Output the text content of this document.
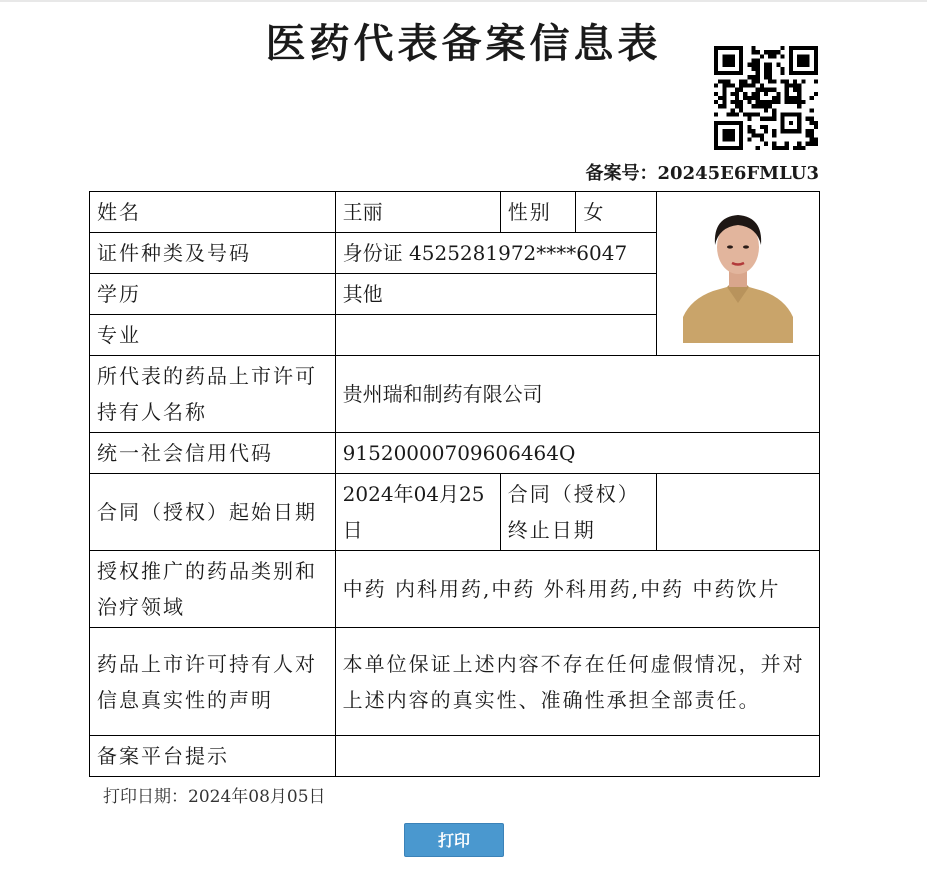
医药代表备案信息表
备案号：20245E6FMLU3
姓名	王丽	性别	女	

证件种类及号码	身份证 4525281972****6047			
学历	其他			
专业				
所代表的药品上市许可持有人名称	贵州瑞和制药有限公司			
统一社会信用代码	91520000709606464Q			
合同（授权）起始日期	2024年04月25日	合同（授权）终止日期		
授权推广的药品类别和治疗领域	中药 内科用药,中药 外科用药,中药 中药饮片			
药品上市许可持有人对信息真实性的声明	本单位保证上述内容不存在任何虚假情况，并对上述内容的真实性、准确性承担全部责任。			
备案平台提示				
打印日期：2024年08月05日
打印
